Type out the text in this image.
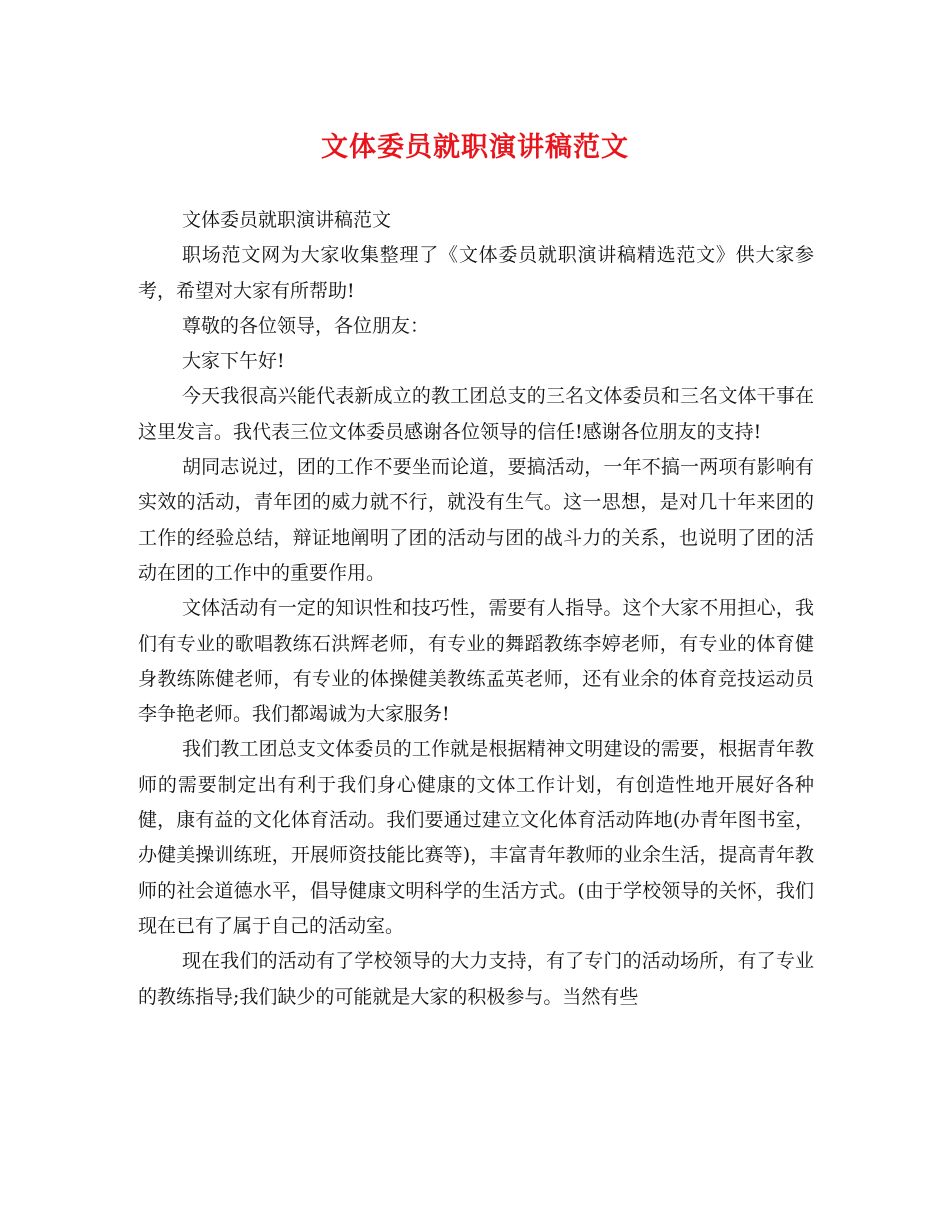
文体委员就职演讲稿范文

文体委员就职演讲稿范文

职场范文网为大家收集整理了《文体委员就职演讲稿精选范文》供大家参考，希望对大家有所帮助!

尊敬的各位领导，各位朋友：

大家下午好!

今天我很高兴能代表新成立的教工团总支的三名文体委员和三名文体干事在这里发言。我代表三位文体委员感谢各位领导的信任!感谢各位朋友的支持!

胡同志说过，团的工作不要坐而论道，要搞活动，一年不搞一两项有影响有实效的活动，青年团的威力就不行，就没有生气。这一思想，是对几十年来团的工作的经验总结，辩证地阐明了团的活动与团的战斗力的关系，也说明了团的活动在团的工作中的重要作用。

文体活动有一定的知识性和技巧性，需要有人指导。这个大家不用担心，我们有专业的歌唱教练石洪辉老师，有专业的舞蹈教练李婷老师，有专业的体育健身教练陈健老师，有专业的体操健美教练孟英老师，还有业余的体育竞技运动员李争艳老师。我们都竭诚为大家服务!

我们教工团总支文体委员的工作就是根据精神文明建设的需要，根据青年教师的需要制定出有利于我们身心健康的文体工作计划，有创造性地开展好各种健，康有益的文化体育活动。我们要通过建立文化体育活动阵地(办青年图书室，办健美操训练班，开展师资技能比赛等)，丰富青年教师的业余生活，提高青年教师的社会道德水平，倡导健康文明科学的生活方式。(由于学校领导的关怀，我们现在已有了属于自己的活动室。

现在我们的活动有了学校领导的大力支持，有了专门的活动场所，有了专业的教练指导;我们缺少的可能就是大家的积极参与。当然有些
